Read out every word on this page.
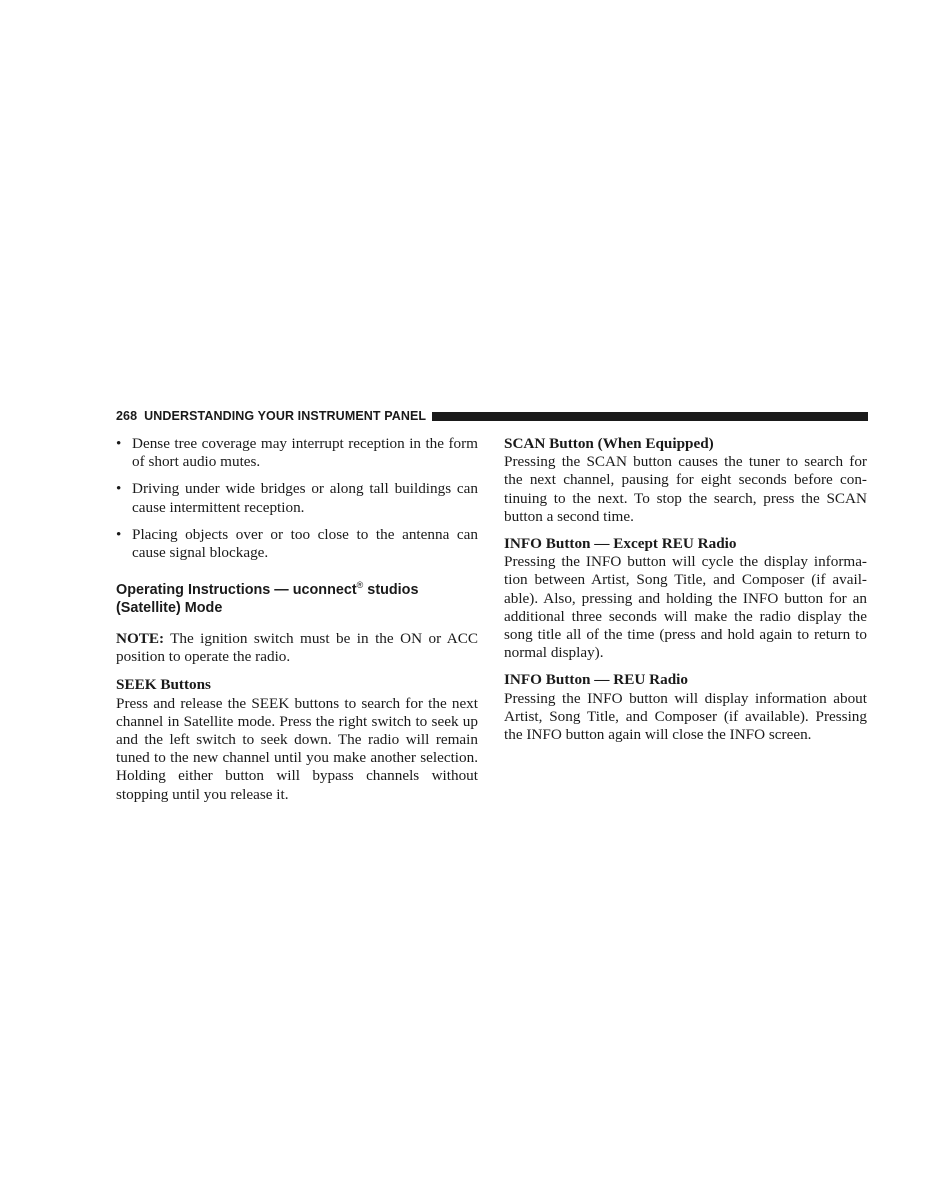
268 UNDERSTANDING YOUR INSTRUMENT PANEL
• Dense tree coverage may interrupt reception in the form of short audio mutes.
• Driving under wide bridges or along tall buildings can cause intermittent reception.
• Placing objects over or too close to the antenna can cause signal blockage.
Operating Instructions — uconnect® studios (Satellite) Mode

NOTE: The ignition switch must be in the ON or ACC position to operate the radio.

SEEK Buttons

Press and release the SEEK buttons to search for the next channel in Satellite mode. Press the right switch to seek up and the left switch to seek down. The radio will remain tuned to the new channel until you make another selection. Holding either button will bypass channels without stopping until you release it.

SCAN Button (When Equipped)

Pressing the SCAN button causes the tuner to search for the next channel, pausing for eight seconds before con-tinuing to the next. To stop the search, press the SCAN button a second time.

INFO Button — Except REU Radio

Pressing the INFO button will cycle the display informa-tion between Artist, Song Title, and Composer (if avail-able). Also, pressing and holding the INFO button for an additional three seconds will make the radio display the song title all of the time (press and hold again to return to normal display).

INFO Button — REU Radio

Pressing the INFO button will display information about Artist, Song Title, and Composer (if available). Pressing the INFO button again will close the INFO screen.
